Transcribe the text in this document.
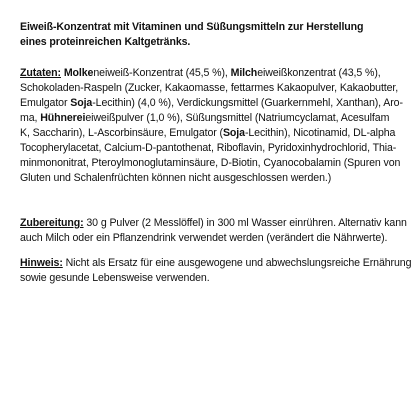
Eiweiß-Konzentrat mit Vitaminen und Süßungsmitteln zur Herstellung
eines proteinreichen Kaltgetränks.
Zutaten: Molkeneiweiß-Konzentrat (45,5 %), Milcheiweißkonzentrat (43,5 %),
Schokoladen-Raspeln (Zucker, Kakaomasse, fettarmes Kakaopulver, Kakaobutter,
Emulgator Soja-Lecithin) (4,0 %), Verdickungsmittel (Guarkernmehl, Xanthan), Aro-
ma, Hühnereieiweißpulver (1,0 %), Süßungsmittel (Natriumcyclamat, Acesulfam
K, Saccharin), L-Ascorbinsäure, Emulgator (Soja-Lecithin), Nicotinamid, DL-alpha
Tocopherylacetat, Calcium-D-pantothenat, Riboflavin, Pyridoxinhydrochlorid, Thia-
minmononitrat, Pteroylmonoglutaminsäure, D-Biotin, Cyanocobalamin (Spuren von
Gluten und Schalenfrüchten können nicht ausgeschlossen werden.)
Zubereitung: 30 g Pulver (2 Messlöffel) in 300 ml Wasser einrühren. Alternativ kann
auch Milch oder ein Pflanzendrink verwendet werden (verändert die Nährwerte).
Hinweis: Nicht als Ersatz für eine ausgewogene und abwechslungsreiche Ernährung
sowie gesunde Lebensweise verwenden.
